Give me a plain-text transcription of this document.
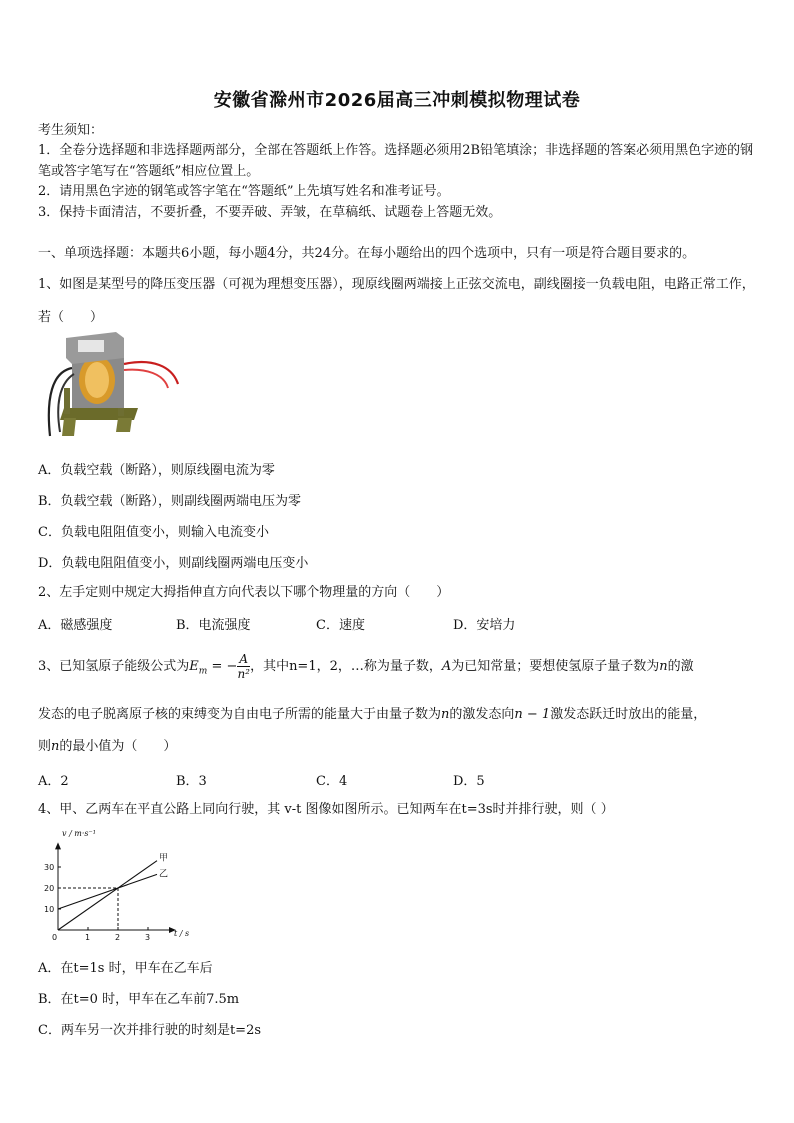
安徽省滁州市2026届高三冲刺模拟物理试卷
考生须知：
1．全卷分选择题和非选择题两部分，全部在答题纸上作答。选择题必须用2B铅笔填涂；非选择题的答案必须用黑色字迹的钢笔或答字笔写在“答题纸”相应位置上。
2．请用黑色字迹的钢笔或答字笔在“答题纸”上先填写姓名和准考证号。
3．保持卡面清洁，不要折叠，不要弄破、弄皱，在草稿纸、试题卷上答题无效。
一、单项选择题：本题共6小题，每小题4分，共24分。在每小题给出的四个选项中，只有一项是符合题目要求的。
1、如图是某型号的降压变压器（可视为理想变压器），现原线圈两端接上正弦交流电，副线圈接一负载电阻，电路正常工作，若（　　）
A．负载空载（断路），则原线圈电流为零
B．负载空载（断路），则副线圈两端电压为零
C．负载电阻阻值变小，则输入电流变小
D．负载电阻阻值变小，则副线圈两端电压变小
2、左手定则中规定大拇指伸直方向代表以下哪个物理量的方向（　　）
A．磁感强度	B．电流强度	C．速度	D．安培力
3、已知氢原子能级公式为$E_m$ = − $\frac{A}{\text{n²}}$ ，其中n=1，2，…称为量子数，A为已知常量；要想使氢原子量子数为n的激
发态的电子脱离原子核的束缚变为自由电子所需的能量大于由量子数为n的激发态向n − 1激发态跃迁时放出的能量，
则n的最小值为（　　）
A．2	B．3	C．4	D．5
4、甲、乙两车在平直公路上同向行驶，其 v-t 图像如图所示。已知两车在t=3s时并排行驶，则（ ）
0	1	2	3
10
20
30
甲
乙
v / m·s⁻¹
t / s
A．在t=1s 时，甲车在乙车后
B．在t=0 时，甲车在乙车前7.5m
C．两车另一次并排行驶的时刻是t=2s
